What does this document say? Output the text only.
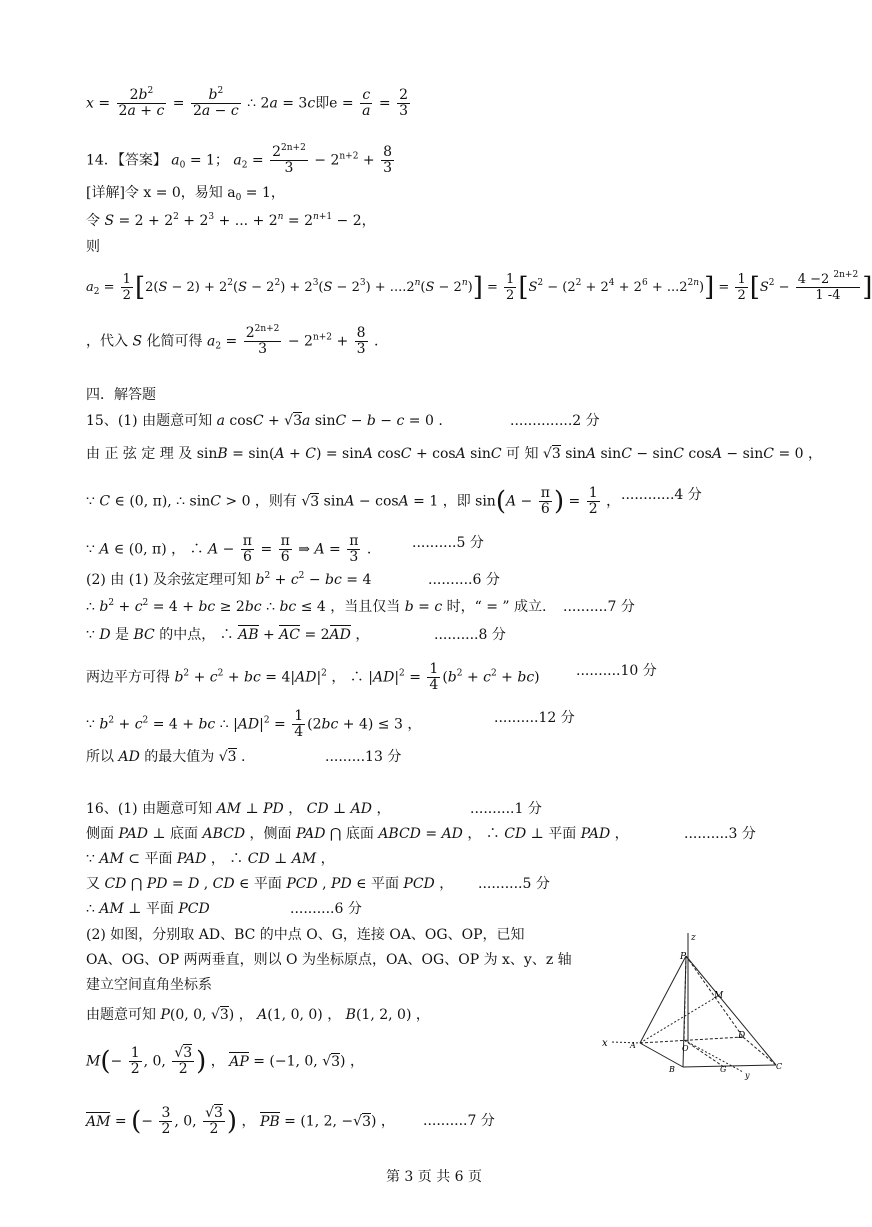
$x = \frac{2b^2}{2a + c} = \frac{b^2}{2a - c}$ ∴ 2a = 3c即$e = \frac{c}{a} = \frac{2}{3}$
14．【答案】 $a_0 = 1$； $a_2 = \frac{2^{2n+2}}{3} - 2^{n+2} + \frac{8}{3}$
[详解]令 x = 0，易知 $a_0 = 1$，
令 $S = 2 + 2^2 + 2^3$ + ... + $2^n = 2^{n+1} - 2$，
则
$a_2 = \frac{1}{2} [2(S - 2) + 2^2(S - 2^2) + 2^3(S - 2^3) + ....2^n(S - 2^n)] = \frac{1}{2} [S^2 - (2^2 + 2^4 + 2^6 + ...2^{2n})] = \frac{1}{2} [S^2 - \frac{4 -2 ^{2n+2}}{1 -4}$ ]
，代入 S 化简可得 $a_2 = \frac{2^{2n+2}}{3} - 2^{n+2} + \frac{8}{3}$ .
四．解答题
15、(1) 由题意可知 a cosC + √3a sinC − b − c = 0 .	..............2 分
由 正 弦 定 理 及 sinB = sin(A + C) = sinA cosC + cosA sinC 可 知 √3 sinA sinC − sinC cosA − sinC = 0 ，
∵ C ∈ (0, π), ∴ sinC > 0 ，则有 √3 sinA − cosA = 1 ，即 $\sin(A - \frac{\pi}{6}$ ) = $\frac{1}{2}$ ， ............4 分
∵ A ∈ (0, π) ， ∴ $A - \frac{\pi}{6} = \frac{\pi}{6}$ ⇒ $A = \frac{\pi}{3}$ .	..........5 分
(2) 由 (1) 及余弦定理可知 $b^2 + c^2$ − bc = 4	..........6 分
∴ $b^2 + c^2 = 4$ + bc ≥ 2bc ∴ bc ≤ 4 ，当且仅当 b = c 时，“ = ” 成立. ..........7 分
∵ D 是 BC 的中点， ∴ AB + AC = 2AD ，	..........8 分
两边平方可得 $b^2 + c^2$ + bc = $4|AD|^2$ ， ∴ $|AD|^2 = \frac{1}{4} (b^2 + c^2 + bc)$	..........10 分
∵ $b^2 + c^2 = 4$ + bc ∴ $|AD|^2 = \frac{1}{4} (2bc + 4) \le 3$ ，	..........12 分
所以 AD 的最大值为 √3 .	.........13 分
16、(1) 由题意可知 AM ⊥ PD ， CD ⊥ AD ，	..........1 分
侧面 PAD ⊥ 底面 ABCD ，侧面 PAD ⋂ 底面 ABCD = AD ， ∴ CD ⊥ 平面 PAD ，	..........3 分
∵ AM ⊂ 平面 PAD ， ∴ CD ⊥ AM ，
又 CD ⋂ PD = D , CD ∈ 平面 PCD , PD ∈ 平面 PCD ， ..........5 分
∴ AM ⊥ 平面 PCD	..........6 分
(2) 如图，分别取 AD、BC 的中点 O、G，连接 OA、OG、OP，已知
OA、OG、OP 两两垂直，则以 O 为坐标原点，OA、OG、OP 为 x、y、z 轴
建立空间直角坐标系
由题意可知 P(0, 0, √3) ， A(1, 0, 0) ， B(1, 2, 0) ，
$M(- \frac{1}{2}$ , 0, $\frac{√3}{2}$ ) ， AP = (−1, 0, √3) ，
AM = (− $\frac{3}{2}$ , 0, $\frac{√3}{2}$ ) ， PB = (1, 2, −√3) ， ..........7 分
z
P
M
D
x	A	O
B	G
y
C
第 3 页 共 6 页
